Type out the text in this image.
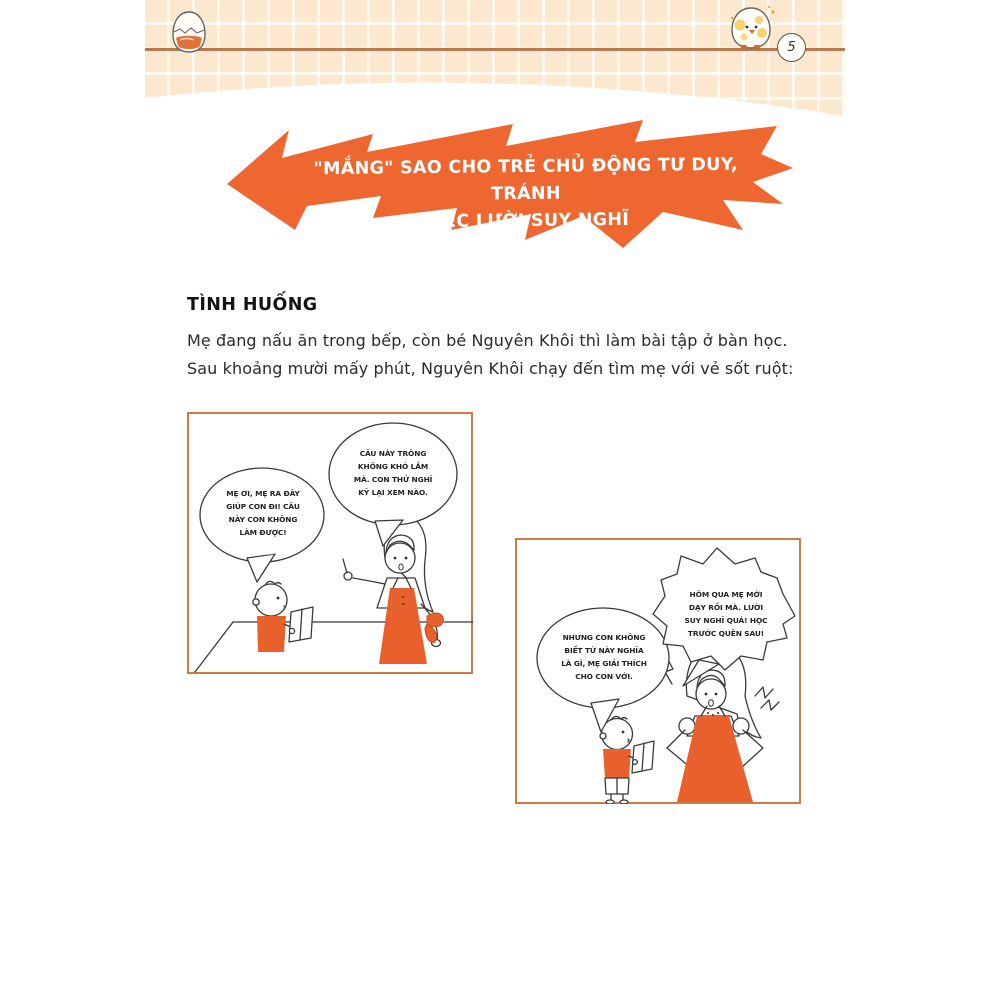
5
"MẮNG" SAO CHO TRẺ CHỦ ĐỘNG TƯ DUY, TRÁNH
VIỆC LƯỜI SUY NGHĨ
TÌNH HUỐNG
Mẹ đang nấu ăn trong bếp, còn bé Nguyên Khôi thì làm bài tập ở bàn học. Sau khoảng mười mấy phút, Nguyên Khôi chạy đến tìm mẹ với vẻ sốt ruột:
MẸ ƠI, MẸ RA ĐÂY
GIÚP CON ĐI! CÂU
NÀY CON KHÔNG
LÀM ĐƯỢC!
CÂU NÀY TRÔNG
KHÔNG KHÓ LẮM
MÀ. CON THỬ NGHĨ
KỸ LẠI XEM NÀO.
NHƯNG CON KHÔNG
BIẾT TỪ NÀY NGHĨA
LÀ GÌ, MẸ GIẢI THÍCH
CHO CON VỚI.
HÔM QUA MẸ MỚI
DẠY RỒI MÀ. LƯỜI
SUY NGHĨ QUÁ! HỌC
TRƯỚC QUÊN SAU!
